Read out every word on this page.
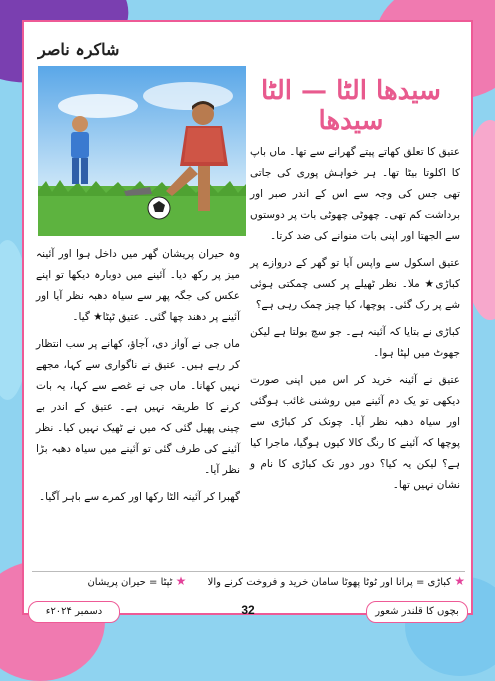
شاکرہ ناصر
سیدھا الٹا — الٹا سیدھا

عتیق کا تعلق کھاتے پیتے گھرانے سے تھا۔ ماں باپ کا اکلوتا بیٹا تھا۔ ہر خواہش پوری کی جاتی تھی جس کی وجہ سے اس کے اندر صبر اور برداشت کم تھی۔ چھوٹی چھوٹی بات پر دوستوں سے الجھتا اور اپنی بات منوانے کی ضد کرتا۔

عتیق اسکول سے واپس آیا تو گھر کے دروازے پر کباڑی★ ملا۔ نظر ٹھیلے پر کسی چمکتی ہوئی شے پر رک گئی۔ پوچھا، کیا چیز چمک رہی ہے؟

کباڑی نے بتایا کہ آئینہ ہے۔ جو سچ بولتا ہے لیکن جھوٹ میں لپٹا ہوا۔

عتیق نے آئینہ خرید کر اس میں اپنی صورت دیکھی تو یک دم آئینے میں روشنی غائب ہوگئی اور سیاہ دھبہ نظر آیا۔ چونک کر کباڑی سے پوچھا کہ آئینے کا رنگ کالا کیوں ہوگیا، ماجرا کیا ہے؟ لیکن یہ کیا؟ دور دور تک کباڑی کا نام و نشان نہیں تھا۔

وہ حیران پریشان گھر میں داخل ہوا اور آئینہ میز پر رکھ دیا۔ آئینے میں دوبارہ دیکھا تو اپنے عکس کی جگہ پھر سے سیاہ دھبہ نظر آیا اور آئینے پر دھند چھا گئی۔ عتیق ٹپٹا★ گیا۔

ماں جی نے آواز دی، آجاؤ، کھانے پر سب انتظار کر رہے ہیں۔ عتیق نے ناگواری سے کہا، مجھے نہیں کھانا۔ ماں جی نے غصے سے کہا، یہ بات کرنے کا طریقہ نہیں ہے۔ عتیق کے اندر بے چینی پھیل گئی کہ میں نے ٹھیک نہیں کیا۔ نظر آئینے کی طرف گئی تو آئینے میں سیاہ دھبہ بڑا نظر آیا۔

گھبرا کر آئینہ الٹا رکھا اور کمرے سے باہر آگیا۔

★ کباڑی = پرانا اور ٹوٹا پھوٹا سامان خرید و فروخت کرنے والا ★ ٹپٹا = حیران پریشان
دسمبر ۲۰۲۴ء	32	بچوں کا قلندر شعور
